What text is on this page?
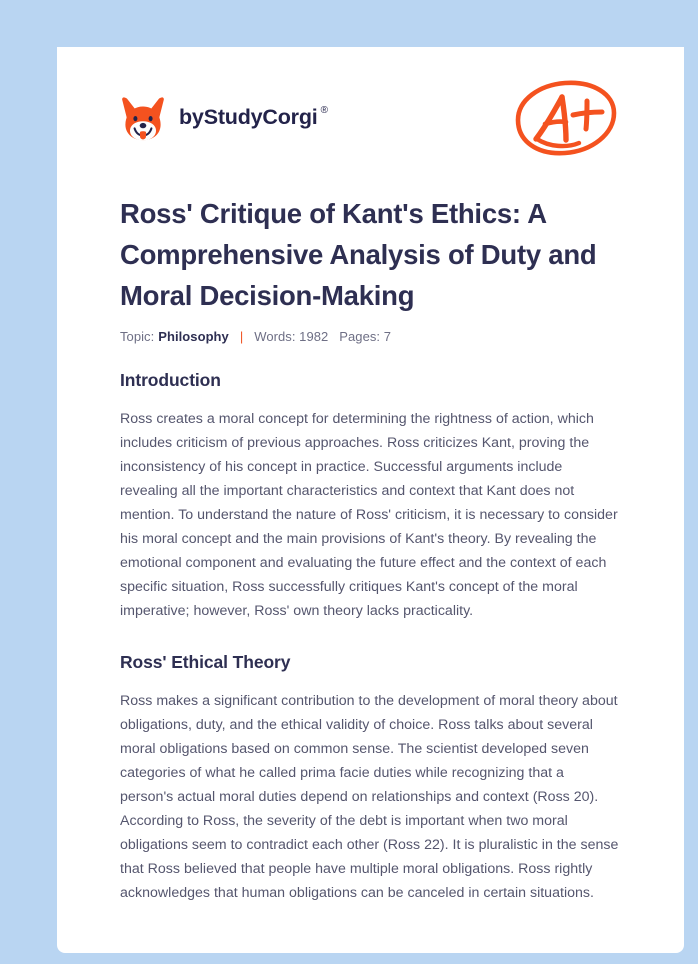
by StudyCorgi ®
Ross' Critique of Kant's Ethics: A Comprehensive Analysis of Duty and Moral Decision-Making
Topic: Philosophy | Words: 1982 Pages: 7
Introduction

Ross creates a moral concept for determining the rightness of action, which includes criticism of previous approaches. Ross criticizes Kant, proving the inconsistency of his concept in practice. Successful arguments include revealing all the important characteristics and context that Kant does not mention. To understand the nature of Ross' criticism, it is necessary to consider his moral concept and the main provisions of Kant's theory. By revealing the emotional component and evaluating the future effect and the context of each specific situation, Ross successfully critiques Kant's concept of the moral imperative; however, Ross' own theory lacks practicality.

Ross' Ethical Theory

Ross makes a significant contribution to the development of moral theory about obligations, duty, and the ethical validity of choice. Ross talks about several moral obligations based on common sense. The scientist developed seven categories of what he called prima facie duties while recognizing that a person's actual moral duties depend on relationships and context (Ross 20). According to Ross, the severity of the debt is important when two moral obligations seem to contradict each other (Ross 22). It is pluralistic in the sense that Ross believed that people have multiple moral obligations. Ross rightly acknowledges that human obligations can be canceled in certain situations.
